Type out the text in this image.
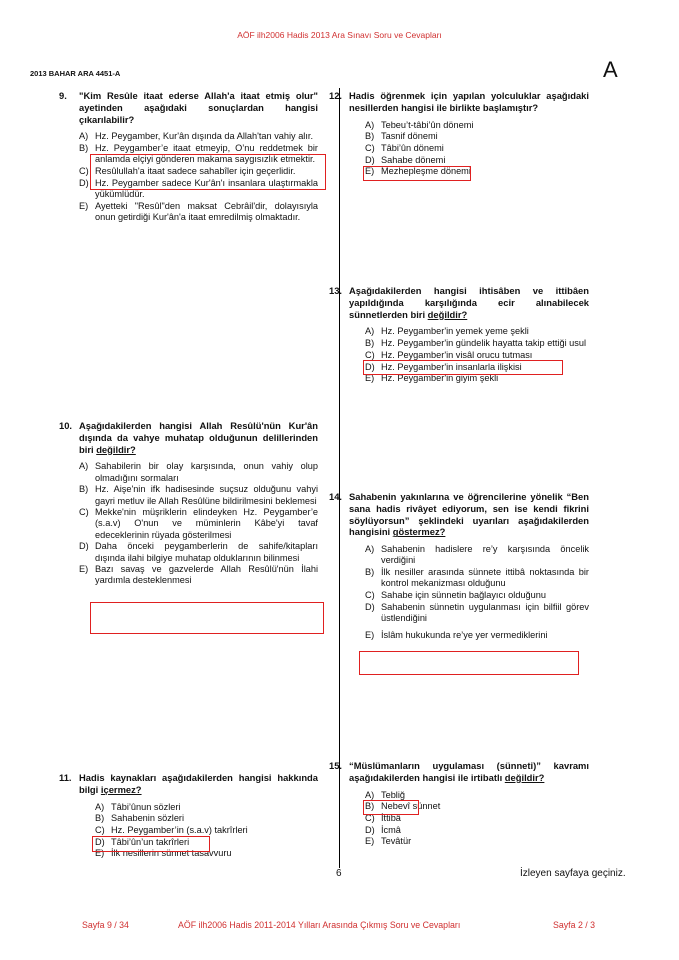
AÖF ilh2006 Hadis 2013 Ara Sınavı Soru ve Cevapları
2013 BAHAR ARA 4451-A	A
9.	"Kim Resûle itaat ederse Allah'a itaat etmiş olur" ayetinden aşağıdaki sonuçlardan hangisi çıkarılabilir?
A) Hz. Peygamber, Kur'ân dışında da Allah'tan vahiy alır.
B) Hz. Peygamber’e itaat etmeyip, O’nu reddetmek bir anlamda elçiyi gönderen makama saygısızlık etmektir.
C) Resûlullah'a itaat sadece sahabîler için geçerlidir.
D) Hz. Peygamber sadece Kur'ân'ı insanlara ulaştırmakla yükümlüdür.
E) Ayetteki "Resûl"den maksat Cebrâil'dir, dolayısıyla onun getirdiği Kur'ân'a itaat emredilmiş olmaktadır.
10. Aşağıdakilerden hangisi Allah Resûlü'nün Kur'ân dışında da vahye muhatap olduğunun delillerinden biri değildir?
A) Sahabilerin bir olay karşısında, onun vahiy olup olmadığını sormaları
B) Hz. Aişe'nin ifk hadisesinde suçsuz olduğunu vahyi gayri metluv ile Allah Resûlüne bildirilmesini beklemesi
C) Mekke'nin müşriklerin elindeyken Hz. Peygamber’e (s.a.v) O'nun ve müminlerin Kâbe'yi tavaf edeceklerinin rüyada gösterilmesi
D) Daha önceki peygamberlerin de sahife/kitapları dışında ilahi bilgiye muhatap olduklarının bilinmesi
E) Bazı savaş ve gazvelerde Allah Resûlü'nün İlahi yardımla desteklenmesi
11. Hadis kaynakları aşağıdakilerden hangisi hakkında bilgi içermez?
A) Tâbi’ûnun sözleri
B) Sahabenin sözleri
C) Hz. Peygamber’in (s.a.v) takrîrleri
D) Tâbi’ûn’un takrîrleri
E) İlk nesillerin sünnet tasavvuru
12. Hadis öğrenmek için yapılan yolculuklar aşağıdaki nesillerden hangisi ile birlikte başlamıştır?
A) Tebeu’t-tâbi’ûn dönemi
B) Tasnif dönemi
C) Tâbi’ûn dönemi
D) Sahabe dönemi
E) Mezhepleşme dönemi
13. Aşağıdakilerden hangisi ihtisâben ve ittibâen yapıldığında karşılığında ecir alınabilecek sünnetlerden biri değildir?
A) Hz. Peygamber'in yemek yeme şekli
B) Hz. Peygamber'in gündelik hayatta takip ettiği usul
C) Hz. Peygamber'in visâl orucu tutması
D) Hz. Peygamber'in insanlarla ilişkisi
E) Hz. Peygamber'in giyim şekli
14. Sahabenin yakınlarına ve öğrencilerine yönelik “Ben sana hadis rivâyet ediyorum, sen ise kendi fikrini söylüyorsun” şeklindeki uyarıları aşağıdakilerden hangisini göstermez?
A) Sahabenin hadislere re’y karşısında öncelik verdiğini
B) İlk nesiller arasında sünnete ittibâ noktasında bir kontrol mekanizması olduğunu
C) Sahabe için sünnetin bağlayıcı olduğunu
D) Sahabenin sünnetin uygulanması için bilfiil görev üstlendiğini
E) İslâm hukukunda re’ye yer vermediklerini
15. “Müslümanların uygulaması (sünneti)” kavramı aşağıdakilerden hangisi ile irtibatlı değildir?
A) Tebliğ
B) Nebevî sünnet
C) İttibâ
D) İcmâ
E) Tevâtür
6	İzleyen sayfaya geçiniz.
Sayfa 9 / 34	AÖF ilh2006 Hadis 2011-2014 Yılları Arasında Çıkmış Soru ve Cevapları	Sayfa 2 / 3
